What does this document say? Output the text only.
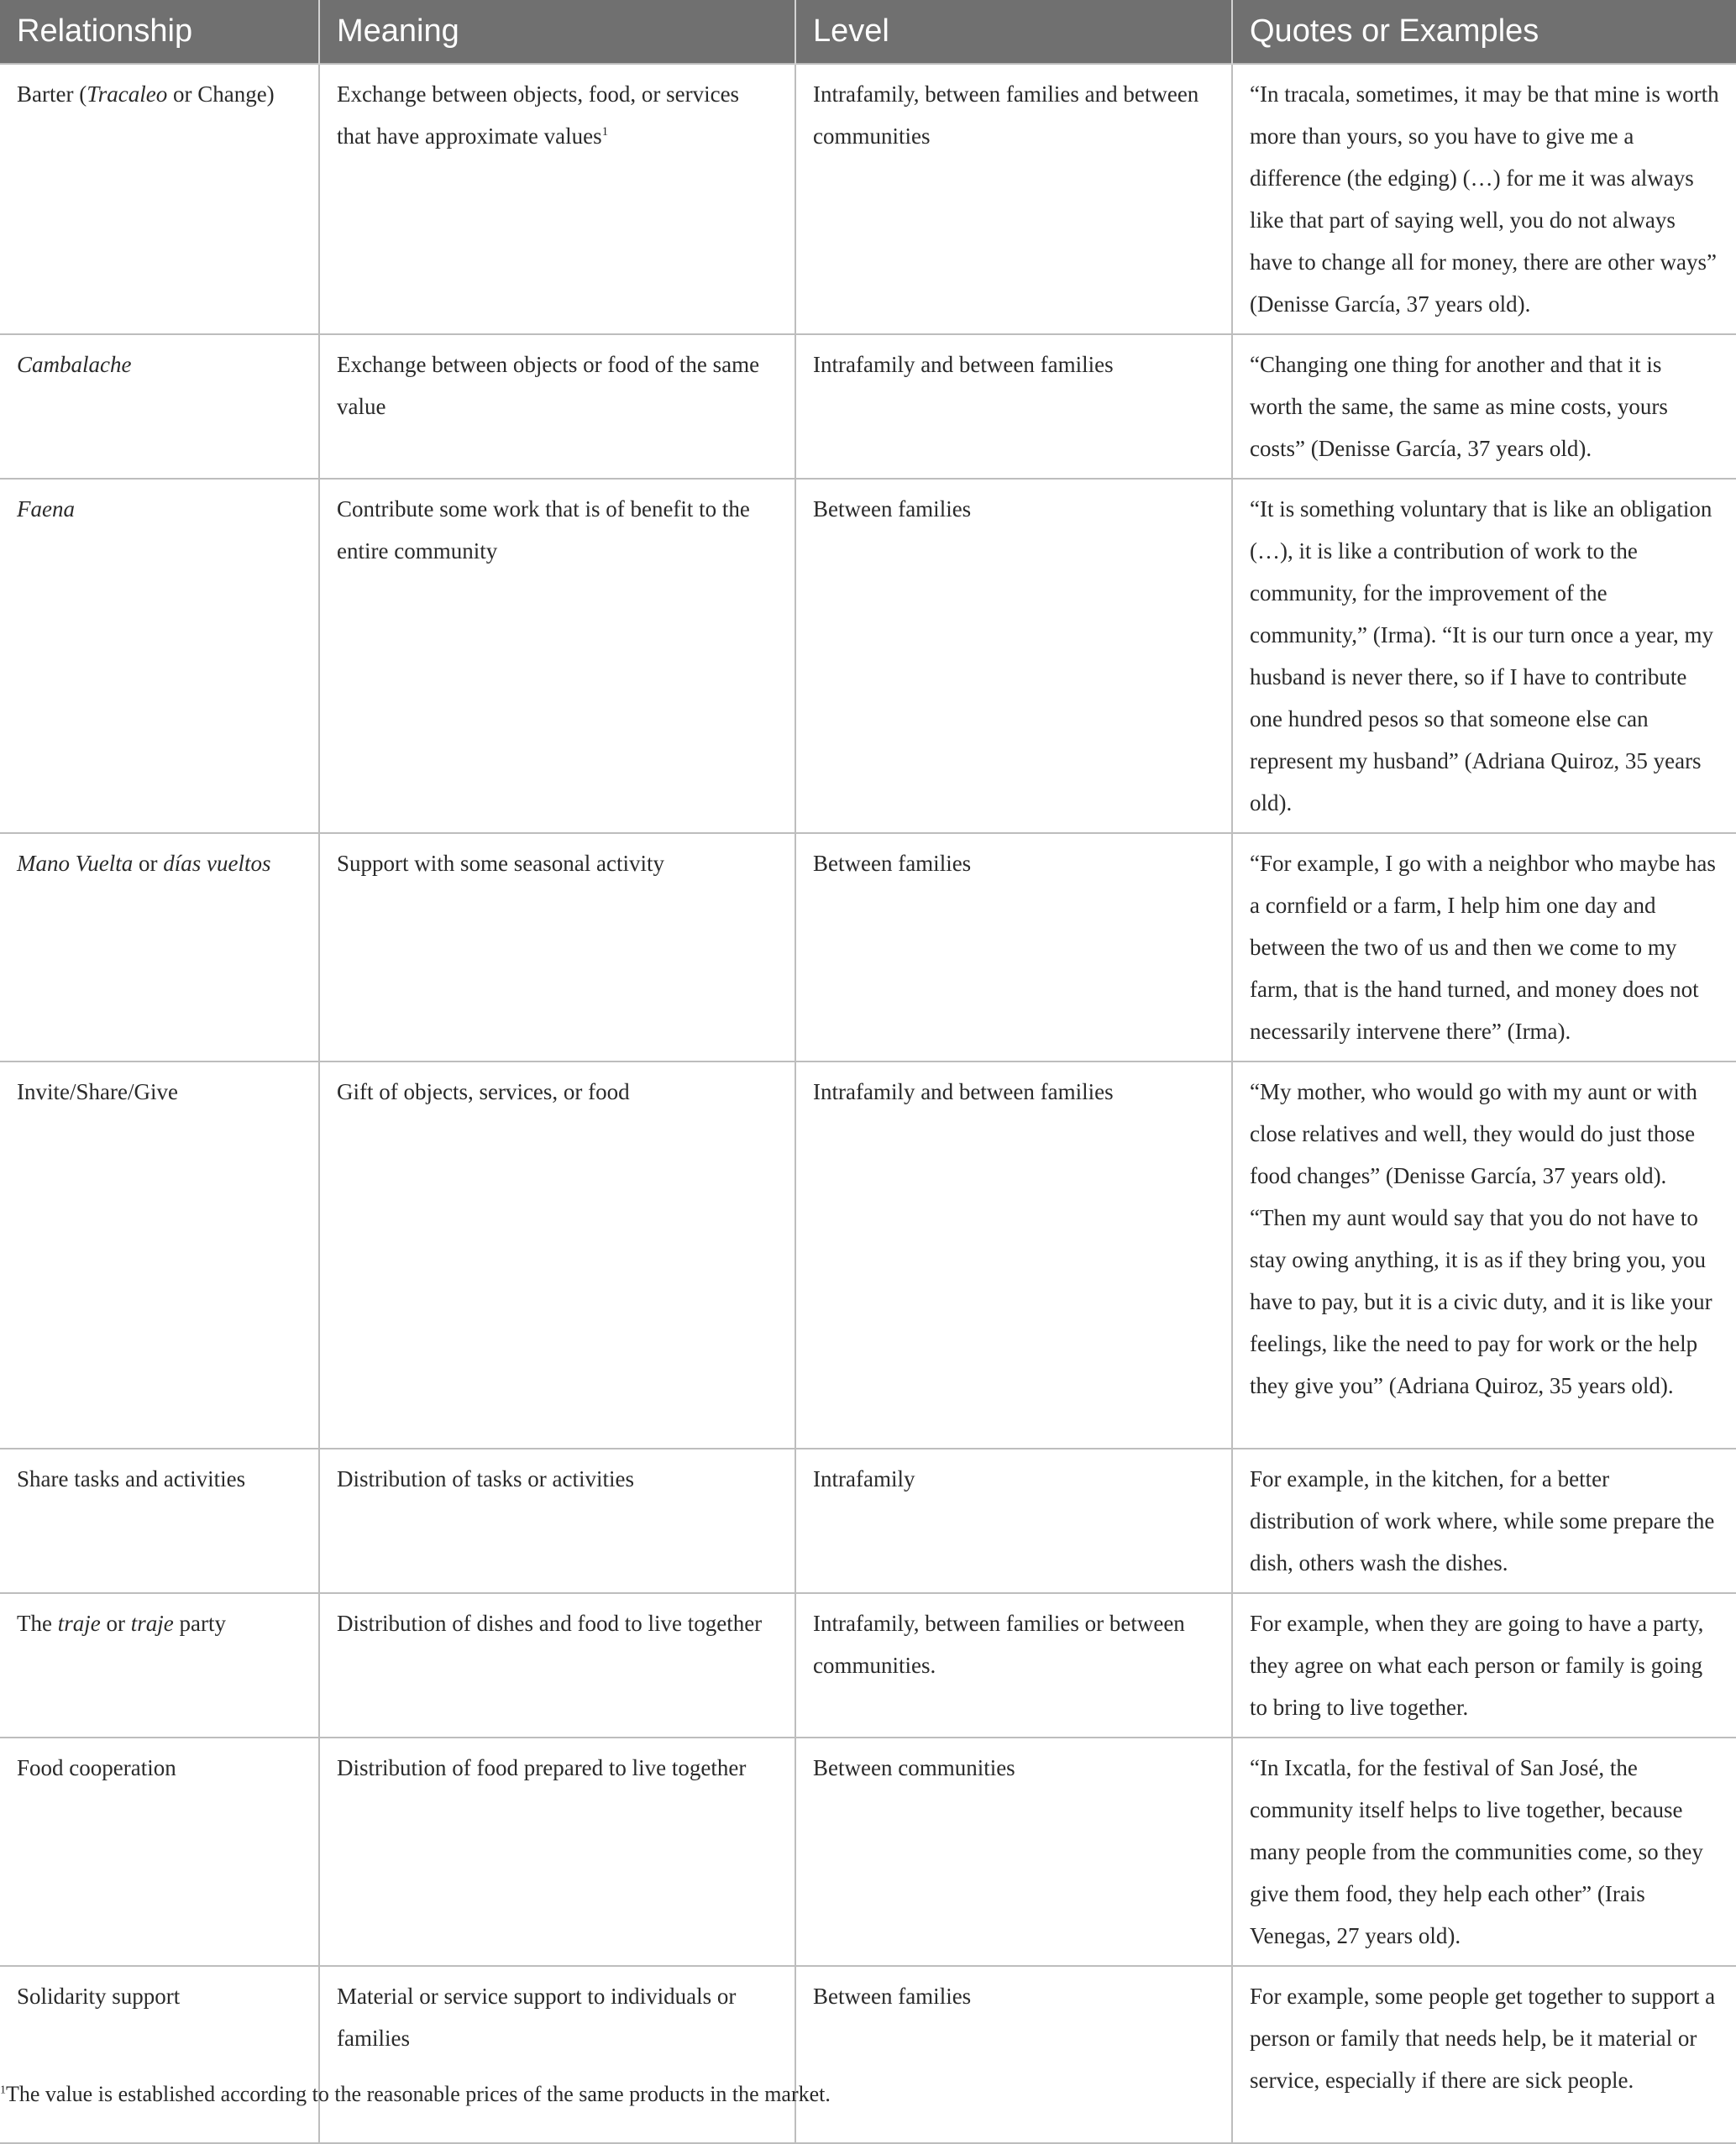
Relationship	Meaning	Level	Quotes or Examples
Barter (Tracaleo or Change)	Exchange between objects, food, or services that have approximate values$^1$	Intrafamily, between families and between communities	“In tracala, sometimes, it may be that mine is worth more than yours, so you have to give me a difference (the edging) (…) for me it was always like that part of saying well, you do not always have to change all for money, there are other ways” (Denisse García, 37 years old).
Cambalache	Exchange between objects or food of the same value	Intrafamily and between families	“Changing one thing for another and that it is worth the same, the same as mine costs, yours costs” (Denisse García, 37 years old).
Faena	Contribute some work that is of benefit to the entire community	Between families	“It is something voluntary that is like an obligation (…), it is like a contribution of work to the community, for the improvement of the community,” (Irma). “It is our turn once a year, my husband is never there, so if I have to contribute one hundred pesos so that someone else can represent my husband” (Adriana Quiroz, 35 years old).
Mano Vuelta or días vueltos	Support with some seasonal activity	Between families	“For example, I go with a neighbor who maybe has a cornfield or a farm, I help him one day and between the two of us and then we come to my farm, that is the hand turned, and money does not necessarily intervene there” (Irma).
Invite/Share/Give	Gift of objects, services, or food	Intrafamily and between families	“My mother, who would go with my aunt or with close relatives and well, they would do just those food changes” (Denisse García, 37 years old). “Then my aunt would say that you do not have to stay owing anything, it is as if they bring you, you have to pay, but it is a civic duty, and it is like your feelings, like the need to pay for work or the help they give you” (Adriana Quiroz, 35 years old).
Share tasks and activities	Distribution of tasks or activities	Intrafamily	For example, in the kitchen, for a better distribution of work where, while some prepare the dish, others wash the dishes.
The traje or traje party	Distribution of dishes and food to live together	Intrafamily, between families or between communities.	For example, when they are going to have a party, they agree on what each person or family is going to bring to live together.
Food cooperation	Distribution of food prepared to live together	Between communities	“In Ixcatla, for the festival of San José, the community itself helps to live together, because many people from the communities come, so they give them food, they help each other” (Irais Venegas, 27 years old).
Solidarity support	Material or service support to individuals or families	Between families	For example, some people get together to support a person or family that needs help, be it material or service, especially if there are sick people.
$^1$The value is established according to the reasonable prices of the same products in the market.
